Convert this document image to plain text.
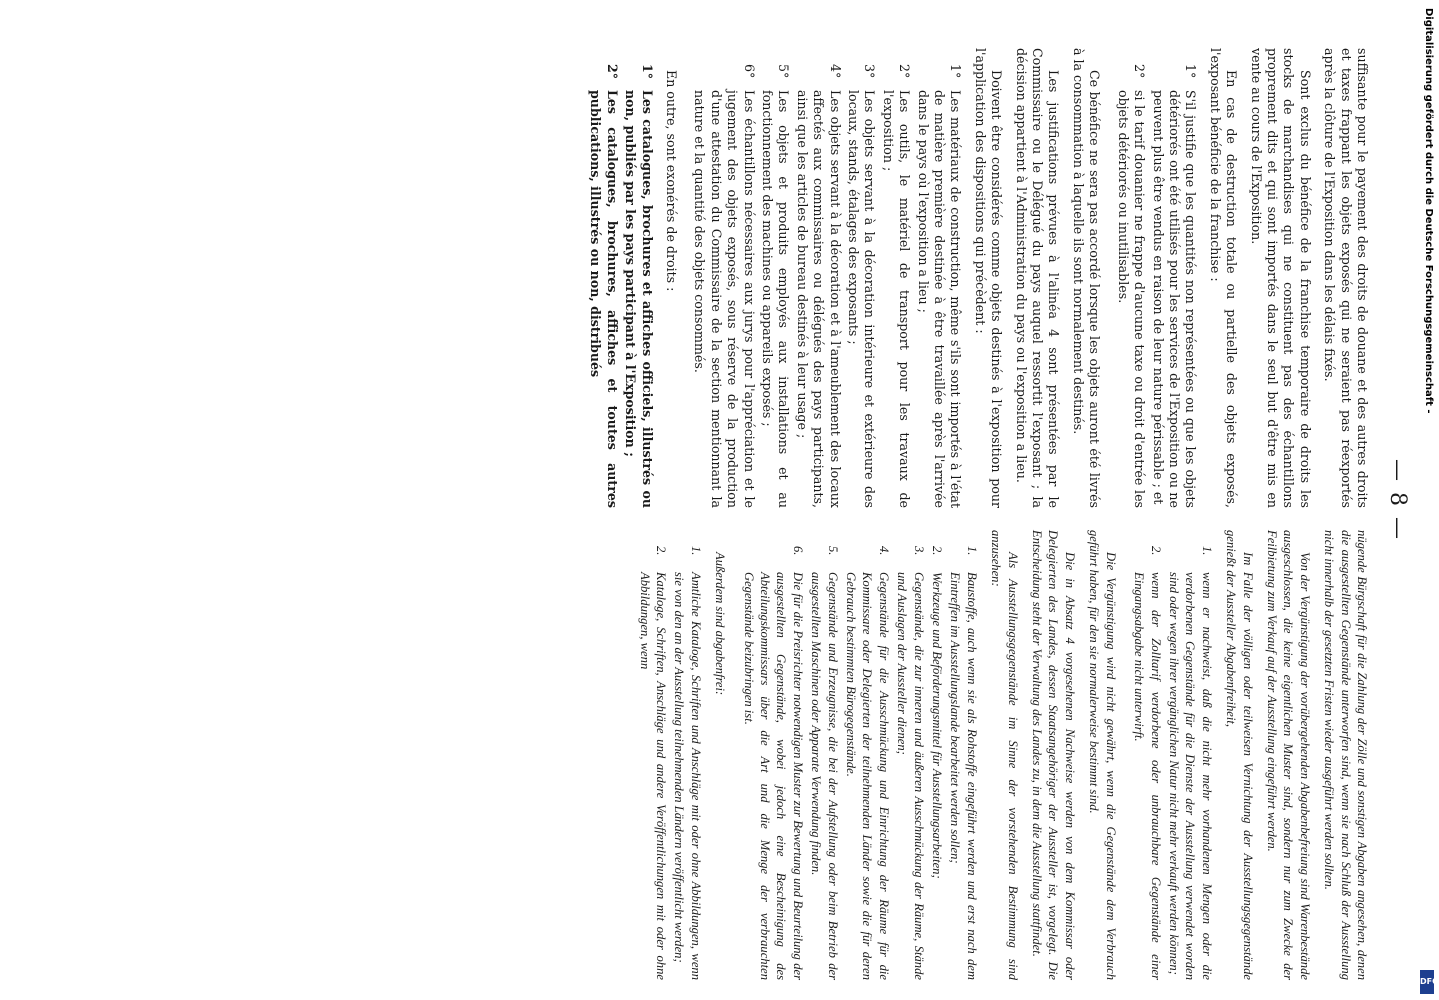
— 8 —

suffisante pour le payement des droits de douane et des autres droits et taxes frappant les objets exposés qui ne seraient pas réexportés après la clôture de l'Exposition dans les délais fixés.

Sont exclus du bénéfice de la franchise temporaire de droits les stocks de marchandises qui ne constituent pas des échantillons proprement dits et qui sont importés dans le seul but d'être mis en vente au cours de l'Exposition.

En cas de destruction totale ou partielle des objets exposés, l'exposant bénéficie de la franchise :

1°
S'il justifie que les quantités non représentées ou que les objets détériorés ont été utilisés pour les services de l'Exposition ou ne peuvent plus être vendus en raison de leur nature périssable ; et
2°
si le tarif douanier ne frappe d'aucune taxe ou droit d'entrée les objets détériorés ou inutilisables.

Ce bénéfice ne sera pas accordé lorsque les objets auront été livrés à la consommation à laquelle ils sont normalement destinés.

Les justifications prévues à l'alinéa 4 sont présentées par le Commissaire ou le Délégué du pays auquel ressortit l'exposant ; la décision appartient à l'Administration du pays ou l'exposition a lieu.

Doivent être considérés comme objets destinés à l'exposition pour l'application des dispositions qui précèdent :

1°
Les matériaux de construction, même s'ils sont importés à l'état de matière première destinée à être travaillée après l'arrivée dans le pays où l'exposition a lieu ;
2°
Les outils, le matériel de transport pour les travaux de l'exposition ;
3°
Les objets servant à la décoration intérieure et extérieure des locaux, stands, étalages des exposants ;
4°
Les objets servant à la décoration et à l'ameublement des locaux affectés aux commissaires ou délégués des pays participants, ainsi que les articles de bureau destinés à leur usage ;
5°
Les objets et produits employés aux installations et au fonctionnement des machines ou appareils exposés ;
6°
Les échantillons nécessaires aux jurys pour l'appréciation et le jugement des objets exposés, sous réserve de la production d'une attestation du Commissaire de la section mentionnant la nature et la quantité des objets consommés.

En outre, sont exonérés de droits :

1°
Les catalogues, brochures et affiches officiels, illustrés ou non, publiés par les pays participant à l'Exposition ;
2°
Les catalogues, brochures, affiches et toutes autres publications, illustrés ou non, distribués

nügende Bürgschaft für die Zahlung der Zölle und sonstigen Abgaben angesehen, denen die ausgestellten Gegenstände unterworfen sind, wenn sie nach Schluß der Ausstellung nicht innerhalb der gesetzten Fristen wieder ausgeführt werden sollten.

Von der Vergünstigung der vorübergehenden Abgabenbefreiung sind Warenbestände ausgeschlossen, die keine eigentlichen Muster sind, sondern nur zum Zwecke der Feilbietung zum Verkauf auf der Ausstellung eingeführt werden.

Im Falle der völligen oder teilweisen Vernichtung der Ausstellungsgegenstände genießt der Aussteller Abgabenfreiheit,

1.
wenn er nachweist, daß die nicht mehr vorhandenen Mengen oder die verdorbenen Gegenstände für die Dienste der Ausstellung verwendet worden sind oder wegen ihrer vergänglichen Natur nicht mehr verkauft werden können;
2.
wenn der Zolltarif verdorbene oder unbrauchbare Gegenstände einer Eingangsabgabe nicht unterwirft.

Die Vergünstigung wird nicht gewährt, wenn die Gegenstände dem Verbrauch geführt haben, für den sie normalerweise bestimmt sind.

Die in Absatz 4 vorgesehenen Nachweise werden von dem Kommissar oder Delegierten des Landes, dessen Staatsangehöriger der Aussteller ist, vorgelegt. Die Entscheidung steht der Verwaltung des Landes zu, in dem die Ausstellung stattfindet.

Als Ausstellungsgegenstände im Sinne der vorstehenden Bestimmung sind anzusehen:

1.
Baustoffe, auch wenn sie als Rohstoffe eingeführt werden und erst nach dem Eintreffen im Ausstellungslande bearbeitet werden sollen;
2.
Werkzeuge und Beförderungsmittel für Ausstellungsarbeiten;
3.
Gegenstände, die zur inneren und äußeren Ausschmückung der Räume, Stände und Auslagen der Aussteller dienen;
4.
Gegenstände für die Ausschmückung und Einrichtung der Räume für die Kommissare oder Delegierten der teilnehmenden Länder sowie die für deren Gebrauch bestimmten Bürogegenstände.
5.
Gegenstände und Erzeugnisse, die bei der Aufstellung oder beim Betrieb der ausgestellten Maschinen oder Apparate Verwendung finden.
6.
Die für die Preisrichter notwendigen Muster zur Bewertung und Beurteilung der ausgestellten Gegenstände, wobei jedoch eine Bescheinigung des Abteilungskommissars über die Art und die Menge der verbrauchten Gegenstände beizubringen ist.

Außerdem sind abgabenfrei:

1.
Amtliche Kataloge, Schriften und Anschläge mit oder ohne Abbildungen, wenn sie von den an der Ausstellung teilnehmenden Ländern veröffentlicht werden;
2.
Kataloge, Schriften, Anschläge und andere Veröffentlichungen mit oder ohne Abbildungen, wenn
Digitalisierung gefördert durch die Deutsche Forschungsgemeinschaft -
DFG
